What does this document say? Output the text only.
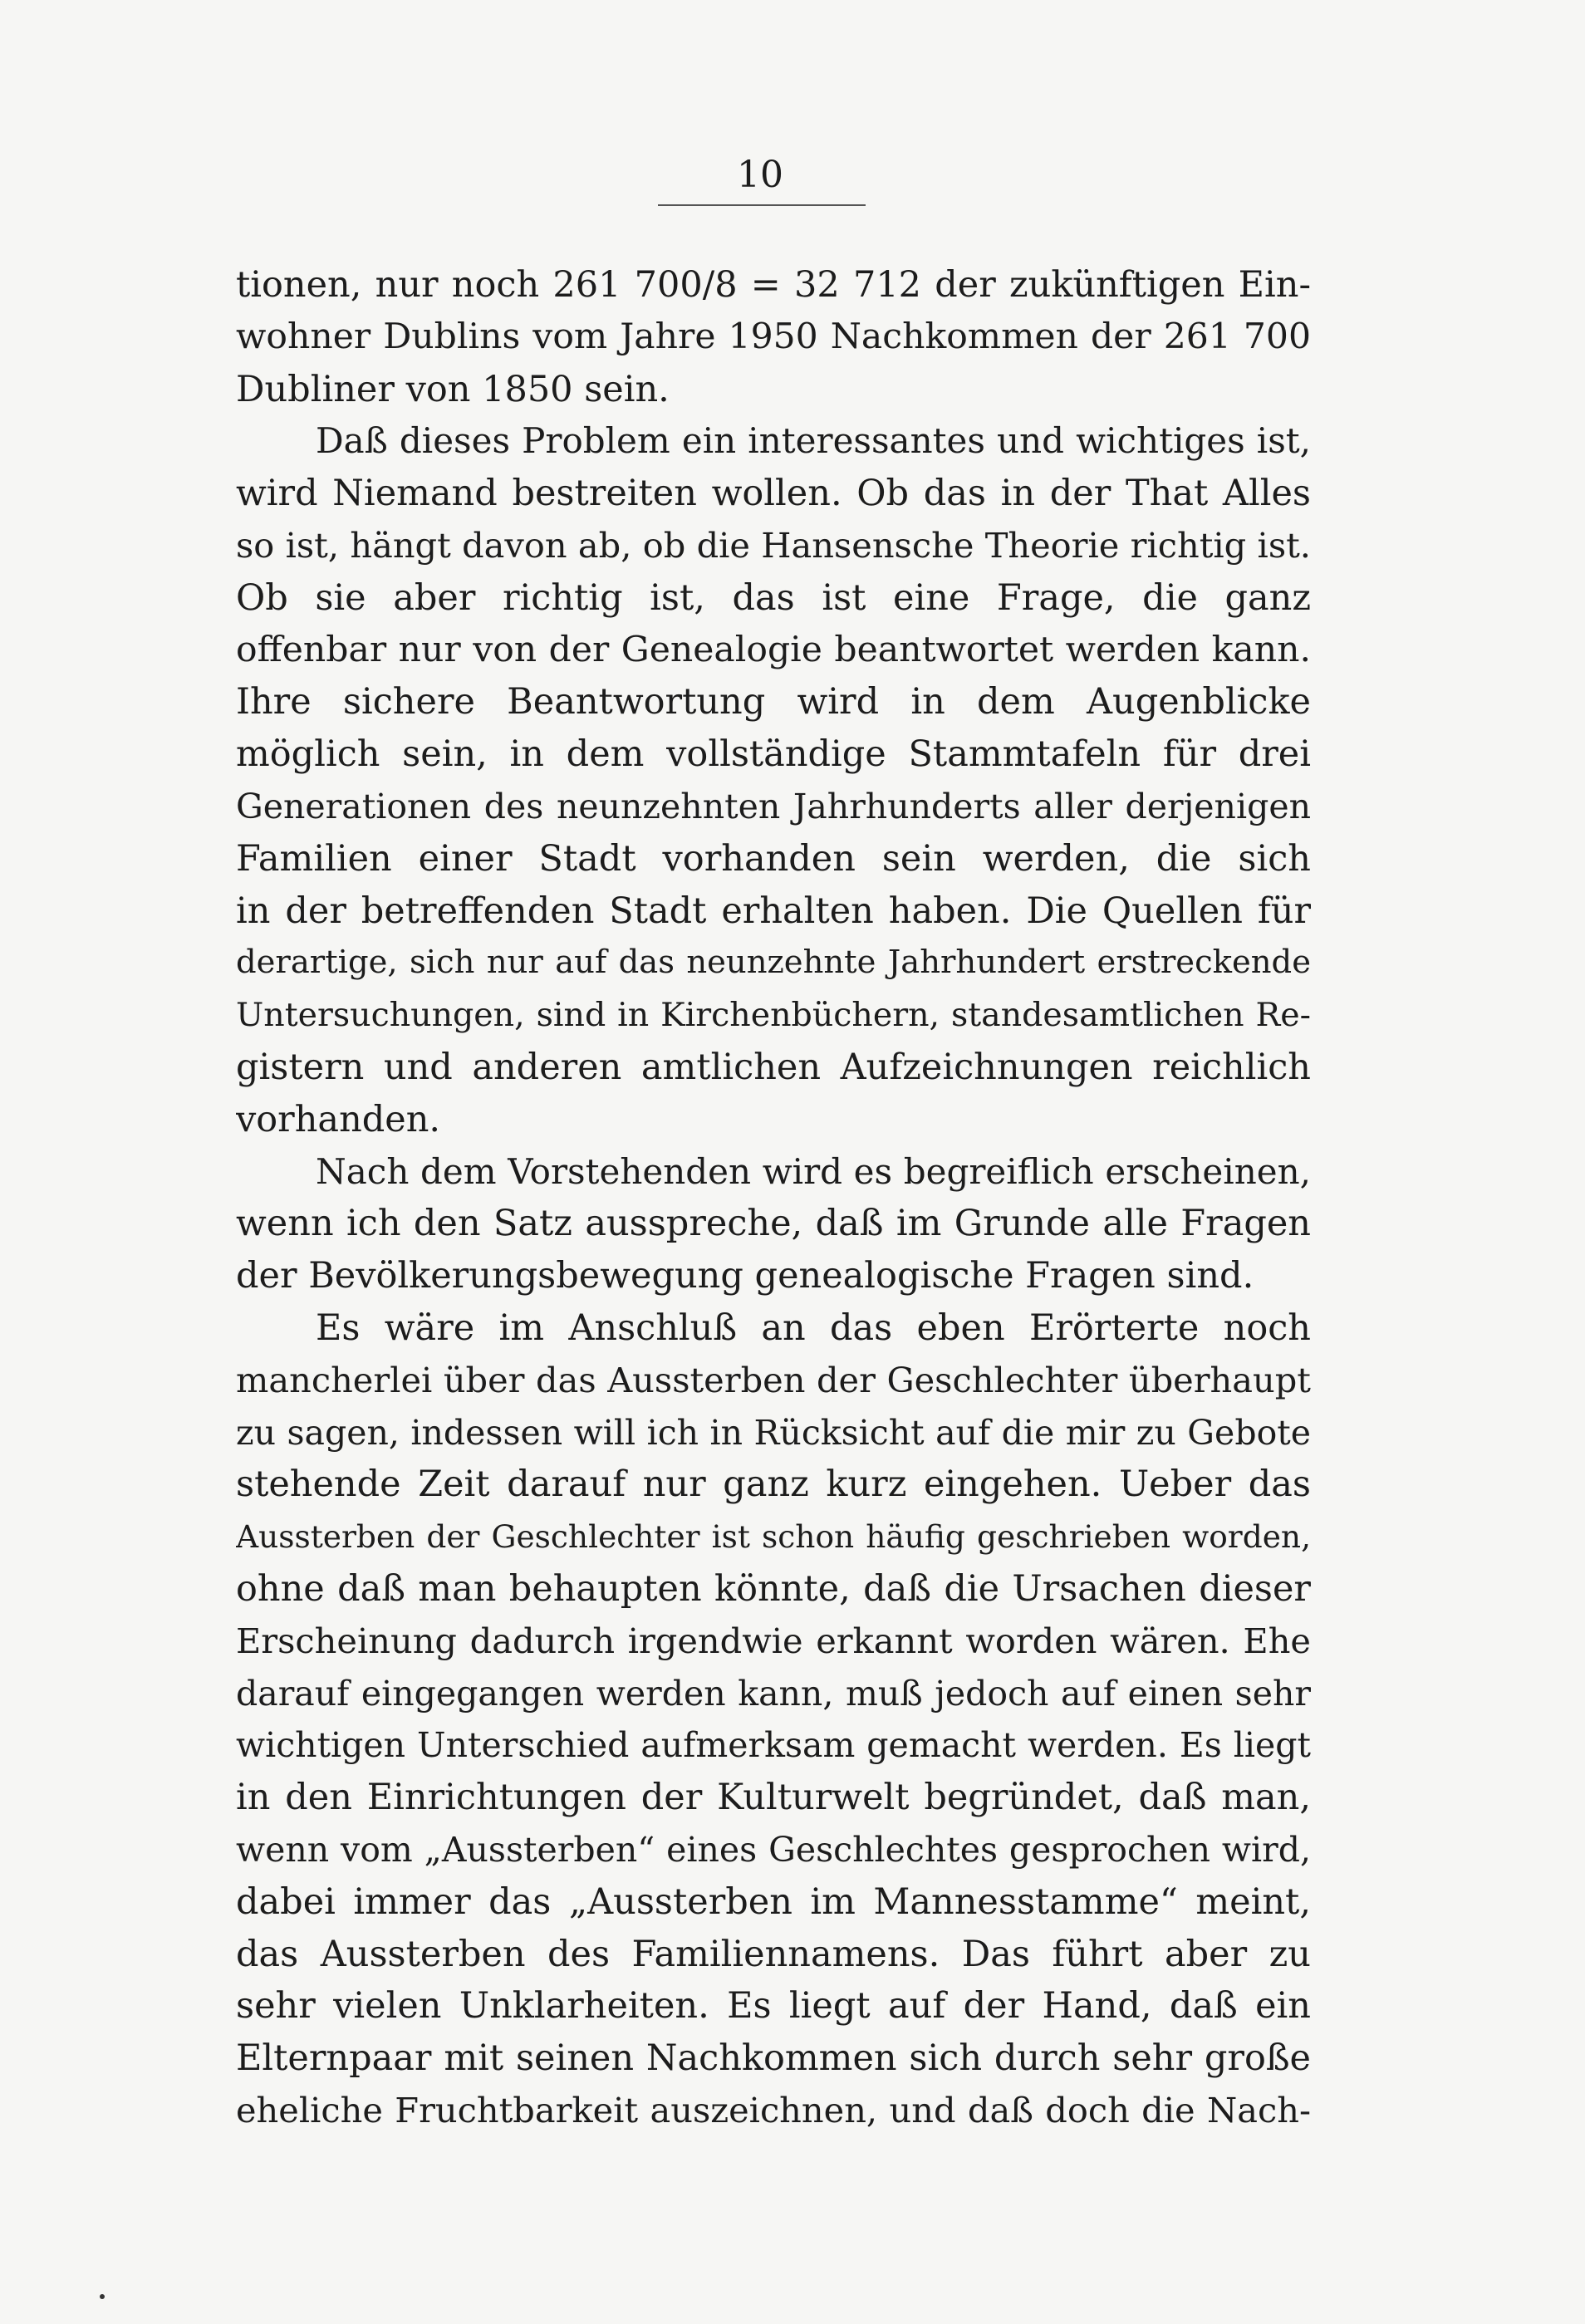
10
tionen, nur noch 261 700/8 = 32 712 der zukünftigen Ein-
wohner Dublins vom Jahre 1950 Nachkommen der 261 700
Dubliner von 1850 sein.
Daß dieses Problem ein interessantes und wichtiges ist,
wird Niemand bestreiten wollen. Ob das in der That Alles
so ist, hängt davon ab, ob die Hansensche Theorie richtig ist.
Ob sie aber richtig ist, das ist eine Frage, die ganz
offenbar nur von der Genealogie beantwortet werden kann.
Ihre sichere Beantwortung wird in dem Augenblicke
möglich sein, in dem vollständige Stammtafeln für drei
Generationen des neunzehnten Jahrhunderts aller derjenigen
Familien einer Stadt vorhanden sein werden, die sich
in der betreffenden Stadt erhalten haben. Die Quellen für
derartige, sich nur auf das neunzehnte Jahrhundert erstreckende
Untersuchungen, sind in Kirchenbüchern, standesamtlichen Re-
gistern und anderen amtlichen Aufzeichnungen reichlich
vorhanden.
Nach dem Vorstehenden wird es begreiflich erscheinen,
wenn ich den Satz ausspreche, daß im Grunde alle Fragen
der Bevölkerungsbewegung genealogische Fragen sind.
Es wäre im Anschluß an das eben Erörterte noch
mancherlei über das Aussterben der Geschlechter überhaupt
zu sagen, indessen will ich in Rücksicht auf die mir zu Gebote
stehende Zeit darauf nur ganz kurz eingehen. Ueber das
Aussterben der Geschlechter ist schon häufig geschrieben worden,
ohne daß man behaupten könnte, daß die Ursachen dieser
Erscheinung dadurch irgendwie erkannt worden wären. Ehe
darauf eingegangen werden kann, muß jedoch auf einen sehr
wichtigen Unterschied aufmerksam gemacht werden. Es liegt
in den Einrichtungen der Kulturwelt begründet, daß man,
wenn vom „Aussterben“ eines Geschlechtes gesprochen wird,
dabei immer das „Aussterben im Mannesstamme“ meint,
das Aussterben des Familiennamens. Das führt aber zu
sehr vielen Unklarheiten. Es liegt auf der Hand, daß ein
Elternpaar mit seinen Nachkommen sich durch sehr große
eheliche Fruchtbarkeit auszeichnen, und daß doch die Nach-
